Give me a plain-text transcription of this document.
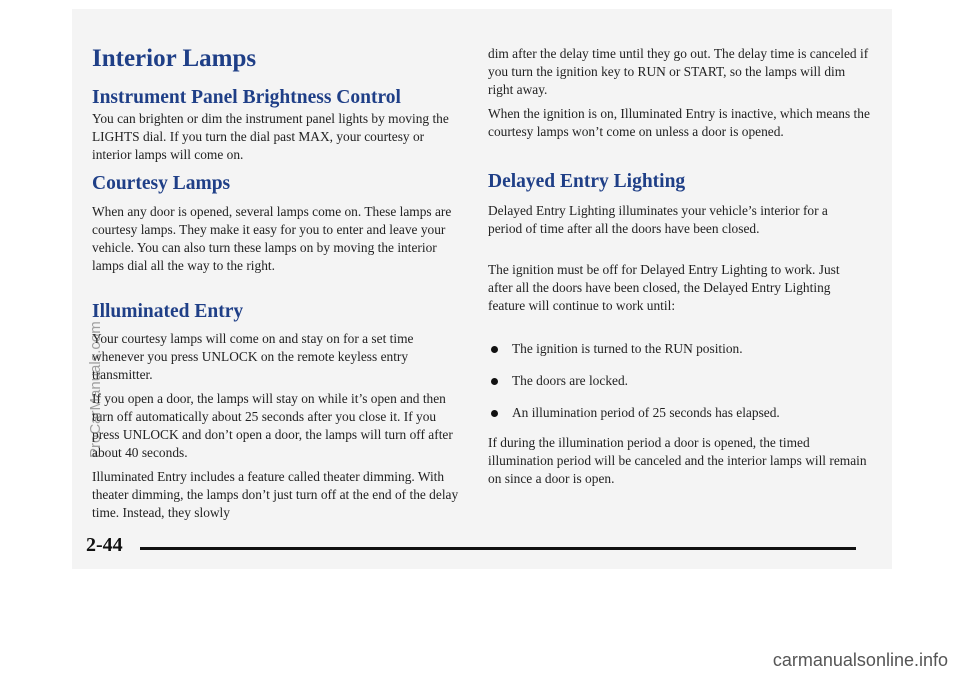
Interior Lamps
Instrument Panel Brightness Control

You can brighten or dim the instrument panel lights by moving the LIGHTS dial. If you turn the dial past MAX, your courtesy or interior lamps will come on.

Courtesy Lamps

When any door is opened, several lamps come on. These lamps are courtesy lamps. They make it easy for you to enter and leave your vehicle. You can also turn these lamps on by moving the interior lamps dial all the way to the right.

Illuminated Entry

Your courtesy lamps will come on and stay on for a set time whenever you press UNLOCK on the remote keyless entry transmitter.

If you open a door, the lamps will stay on while it’s open and then turn off automatically about 25 seconds after you close it. If you press UNLOCK and don’t open a door, the lamps will turn off after about 40 seconds.

Illuminated Entry includes a feature called theater dimming. With theater dimming, the lamps don’t just turn off at the end of the delay time. Instead, they slowly

dim after the delay time until they go out. The delay time is canceled if you turn the ignition key to RUN or START, so the lamps will dim right away.

When the ignition is on, Illuminated Entry is inactive, which means the courtesy lamps won’t come on unless a door is opened.

Delayed Entry Lighting

Delayed Entry Lighting illuminates your vehicle’s interior for a period of time after all the doors have been closed.

The ignition must be off for Delayed Entry Lighting to work. Just after all the doors have been closed, the Delayed Entry Lighting feature will continue to work until:

The ignition is turned to the RUN position.
The doors are locked.
An illumination period of 25 seconds has elapsed.

If during the illumination period a door is opened, the timed illumination period will be canceled and the interior lamps will remain on since a door is open.

2-44
ProCarManuals.com
carmanualsonline.info
